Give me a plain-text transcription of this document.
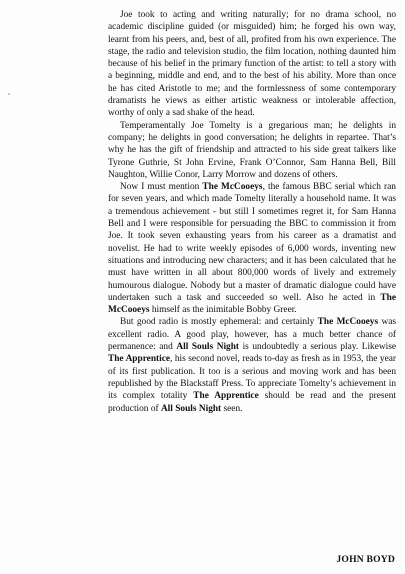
Joe took to acting and writing naturally; for no drama school, no academic discipline guided (or misguided) him; he forged his own way, learnt from his peers, and, best of all, profited from his own experience. The stage, the radio and television studio, the film location, nothing daunted him because of his belief in the primary function of the artist: to tell a story with a beginning, middle and end, and to the best of his ability. More than once he has cited Aristotle to me; and the formlessness of some contemporary dramatists he views as either artistic weakness or intolerable affection, worthy of only a sad shake of the head.

Temperamentally Joe Tomelty is a gregarious man; he delights in company; he delights in good conversation; he delights in repartee. That’s why he has the gift of friendship and attracted to his side great talkers like Tyrone Guthrie, St John Ervine, Frank O’Connor, Sam Hanna Bell, Bill Naughton, Willie Conor, Larry Morrow and dozens of others.

Now I must mention The McCooeys, the famous BBC serial which ran for seven years, and which made Tomelty literally a household name. It was a tremendous achievement - but still I sometimes regret it, for Sam Hanna Bell and I were responsible for persuading the BBC to commission it from Joe. It took seven exhausting years from his career as a dramatist and novelist. He had to write weekly episodes of 6,000 words, inventing new situations and introducing new characters; and it has been calculated that he must have written in all about 800,000 words of lively and extremely humourous dialogue. Nobody but a master of dramatic dialogue could have undertaken such a task and succeeded so well. Also he acted in The McCooeys himself as the inimitable Bobby Greer.

But good radio is mostly ephemeral: and certainly The McCooeys was excellent radio. A good play, however, has a much better chance of permanence: and All Souls Night is undoubtedly a serious play. Likewise The Apprentice, his second novel, reads to-day as fresh as in 1953, the year of its first publication. It too is a serious and moving work and has been republished by the Blackstaff Press. To appreciate Tomelty’s achievement in its complex totality The Apprentice should be read and the present production of All Souls Night seen.

JOHN BOYD
